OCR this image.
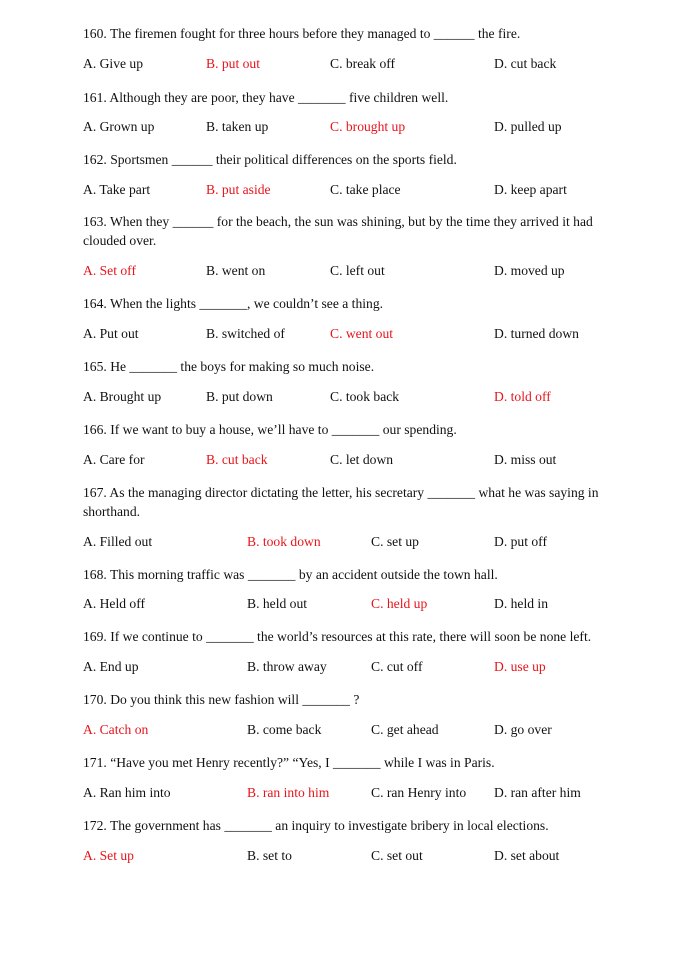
160. The firemen fought for three hours before they managed to ______ the fire.
A. Give up	B. put out	C. break off	D. cut back
161. Although they are poor, they have _______ five children well.
A. Grown up	B. taken up	C. brought up	D. pulled up
162. Sportsmen ______ their political differences on the sports field.
A. Take part	B. put aside	C. take place	D. keep apart
163. When they ______ for the beach, the sun was shining, but by the time they arrived it had clouded over.
A. Set off	B. went on	C. left out	D. moved up
164. When the lights _______, we couldn’t see a thing.
A. Put out	B. switched of	C. went out	D. turned down
165. He _______ the boys for making so much noise.
A. Brought up	B. put down	C. took back	D. told off
166. If we want to buy a house, we’ll have to _______ our spending.
A. Care for	B. cut back	C. let down	D. miss out
167. As the managing director dictating the letter, his secretary _______ what he was saying in shorthand.
A. Filled out	B. took down	C. set up	D. put off
168. This morning traffic was _______ by an accident outside the town hall.
A. Held off	B. held out	C. held up	D. held in
169. If we continue to _______ the world’s resources at this rate, there will soon be none left.
A. End up	B. throw away	C. cut off	D. use up
170. Do you think this new fashion will _______ ?
A. Catch on	B. come back	C. get ahead	D. go over
171. “Have you met Henry recently?” “Yes, I _______ while I was in Paris.
A. Ran him into	B. ran into him	C. ran Henry into D. ran after him
172. The government has _______ an inquiry to investigate bribery in local elections.
A. Set up	B. set to	C. set out	D. set about
